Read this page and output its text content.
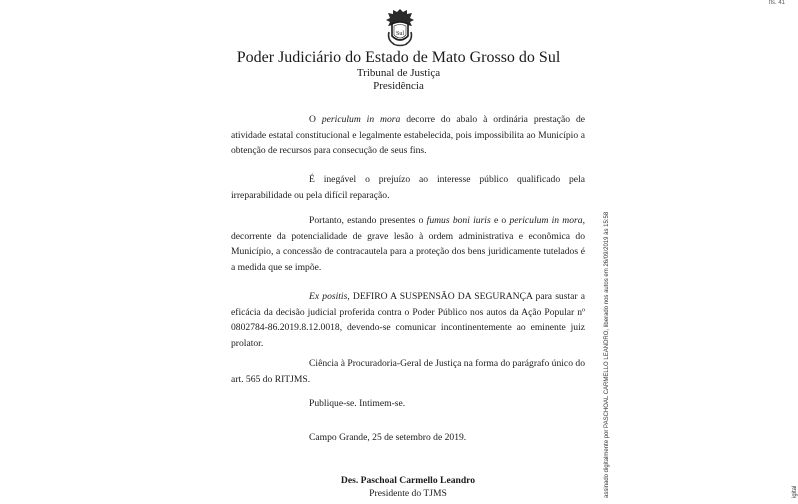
fls. 41
Sul
Poder Judiciário do Estado de Mato Grosso do Sul
Tribunal de Justiça
Presidência
O periculum in mora decorre do abalo à ordinária prestação de atividade estatal constitucional e legalmente estabelecida, pois impossibilita ao Município a obtenção de recursos para consecução de seus fins.
É inegável o prejuízo ao interesse público qualificado pela irreparabilidade ou pela difícil reparação.
Portanto, estando presentes o fumus boni iuris e o periculum in mora, decorrente da potencialidade de grave lesão à ordem administrativa e econômica do Município, a concessão de contracautela para a proteção dos bens juridicamente tutelados é a medida que se impõe.
Ex positis, DEFIRO A SUSPENSÃO DA SEGURANÇA para sustar a eficácia da decisão judicial proferida contra o Poder Público nos autos da Ação Popular nº 0802784-86.2019.8.12.0018, devendo-se comunicar incontinentemente ao eminente juiz prolator.
Ciência à Procuradoria-Geral de Justiça na forma do parágrafo único do art. 565 do RITJMS.
Publique-se. Intimem-se.
Campo Grande, 25 de setembro de 2019.
Des. Paschoal Carmello Leandro
Presidente do TJMS	assinado digitalmente por PASCHOAL CARMELLO LEANDRO, liberado nos autos em 26/09/2019 às 15:58	igital
